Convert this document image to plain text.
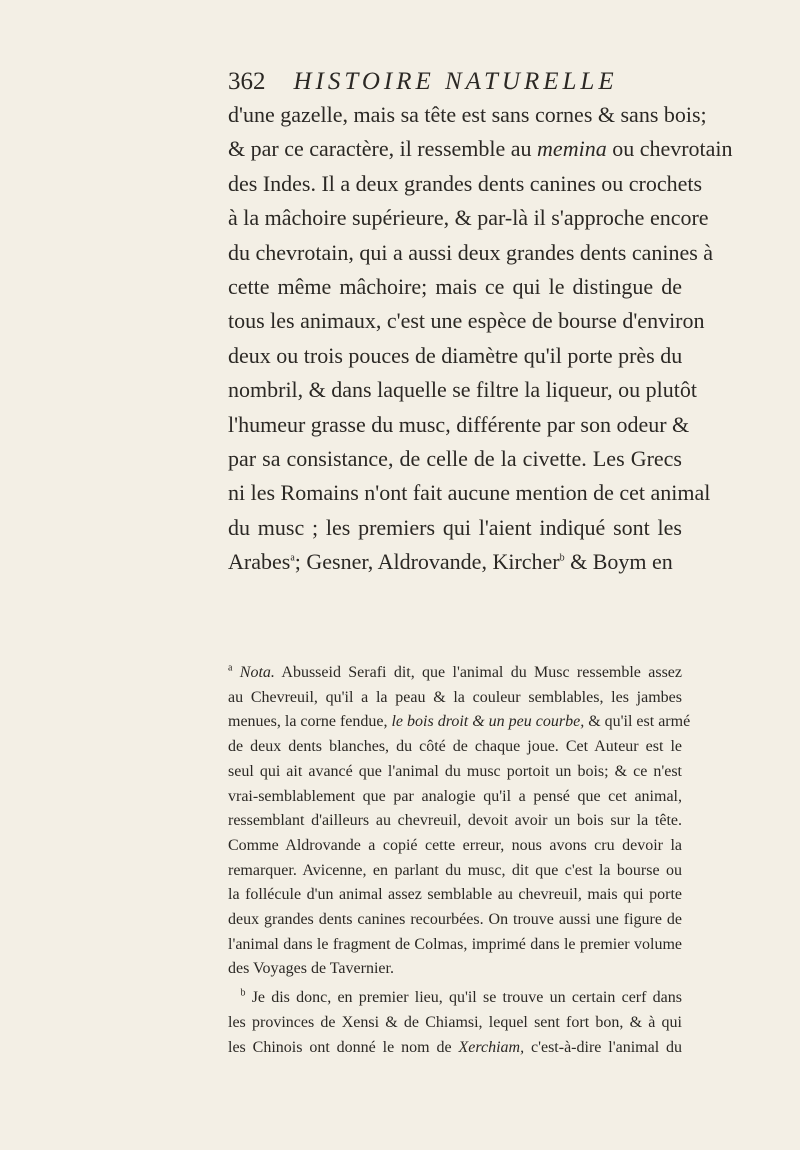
362 HISTOIRE NATURELLE
d'une gazelle, mais sa tête est sans cornes & sans bois;
& par ce caractère, il ressemble au memina ou chevrotain
des Indes. Il a deux grandes dents canines ou crochets
à la mâchoire supérieure, & par-là il s'approche encore
du chevrotain, qui a aussi deux grandes dents canines à
cette même mâchoire; mais ce qui le distingue de
tous les animaux, c'est une espèce de bourse d'environ
deux ou trois pouces de diamètre qu'il porte près du
nombril, & dans laquelle se filtre la liqueur, ou plutôt
l'humeur grasse du musc, différente par son odeur &
par sa consistance, de celle de la civette. Les Grecs
ni les Romains n'ont fait aucune mention de cet animal
du musc ; les premiers qui l'aient indiqué sont les
Arabes$^a$; Gesner, Aldrovande, Kircher$^b$ & Boym en
$^a$ Nota. Abusseid Serafi dit, que l'animal du Musc ressemble assez
au Chevreuil, qu'il a la peau & la couleur semblables, les jambes
menues, la corne fendue, le bois droit & un peu courbe, & qu'il est armé
de deux dents blanches, du côté de chaque joue. Cet Auteur est le
seul qui ait avancé que l'animal du musc portoit un bois; & ce n'est
vrai-semblablement que par analogie qu'il a pensé que cet animal,
ressemblant d'ailleurs au chevreuil, devoit avoir un bois sur la tête.
Comme Aldrovande a copié cette erreur, nous avons cru devoir la
remarquer. Avicenne, en parlant du musc, dit que c'est la bourse ou
la follécule d'un animal assez semblable au chevreuil, mais qui porte
deux grandes dents canines recourbées. On trouve aussi une figure de
l'animal dans le fragment de Colmas, imprimé dans le premier volume
des Voyages de Tavernier.
$^b$ Je dis donc, en premier lieu, qu'il se trouve un certain cerf dans
les provinces de Xensi & de Chiamsi, lequel sent fort bon, & à qui
les Chinois ont donné le nom de Xerchiam, c'est-à-dire l'animal du
